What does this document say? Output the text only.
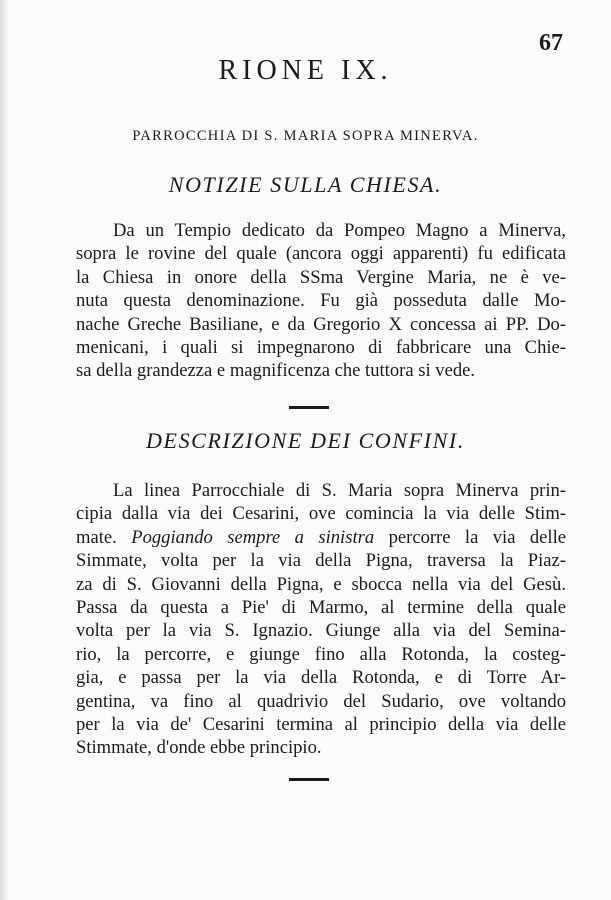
67
RIONE IX.
PARROCCHIA DI S. MARIA SOPRA MINERVA.
NOTIZIE SULLA CHIESA.
Da un Tempio dedicato da Pompeo Magno a Minerva,
sopra le rovine del quale (ancora oggi apparenti) fu edificata
la Chiesa in onore della SSma Vergine Maria, ne è ve-
nuta questa denominazione. Fu già posseduta dalle Mo-
nache Greche Basiliane, e da Gregorio X concessa ai PP. Do-
menicani, i quali si impegnarono di fabbricare una Chie-
sa della grandezza e magnificenza che tuttora si vede.
DESCRIZIONE DEI CONFINI.
La linea Parrocchiale di S. Maria sopra Minerva prin-
cipia dalla via dei Cesarini, ove comincia la via delle Stim-
mate. Poggiando sempre a sinistra percorre la via delle
Simmate, volta per la via della Pigna, traversa la Piaz-
za di S. Giovanni della Pigna, e sbocca nella via del Gesù.
Passa da questa a Pie' di Marmo, al termine della quale
volta per la via S. Ignazio. Giunge alla via del Semina-
rio, la percorre, e giunge fino alla Rotonda, la costeg-
gia, e passa per la via della Rotonda, e di Torre Ar-
gentina, va fino al quadrivio del Sudario, ove voltando
per la via de' Cesarini termina al principio della via delle
Stimmate, d'onde ebbe principio.
